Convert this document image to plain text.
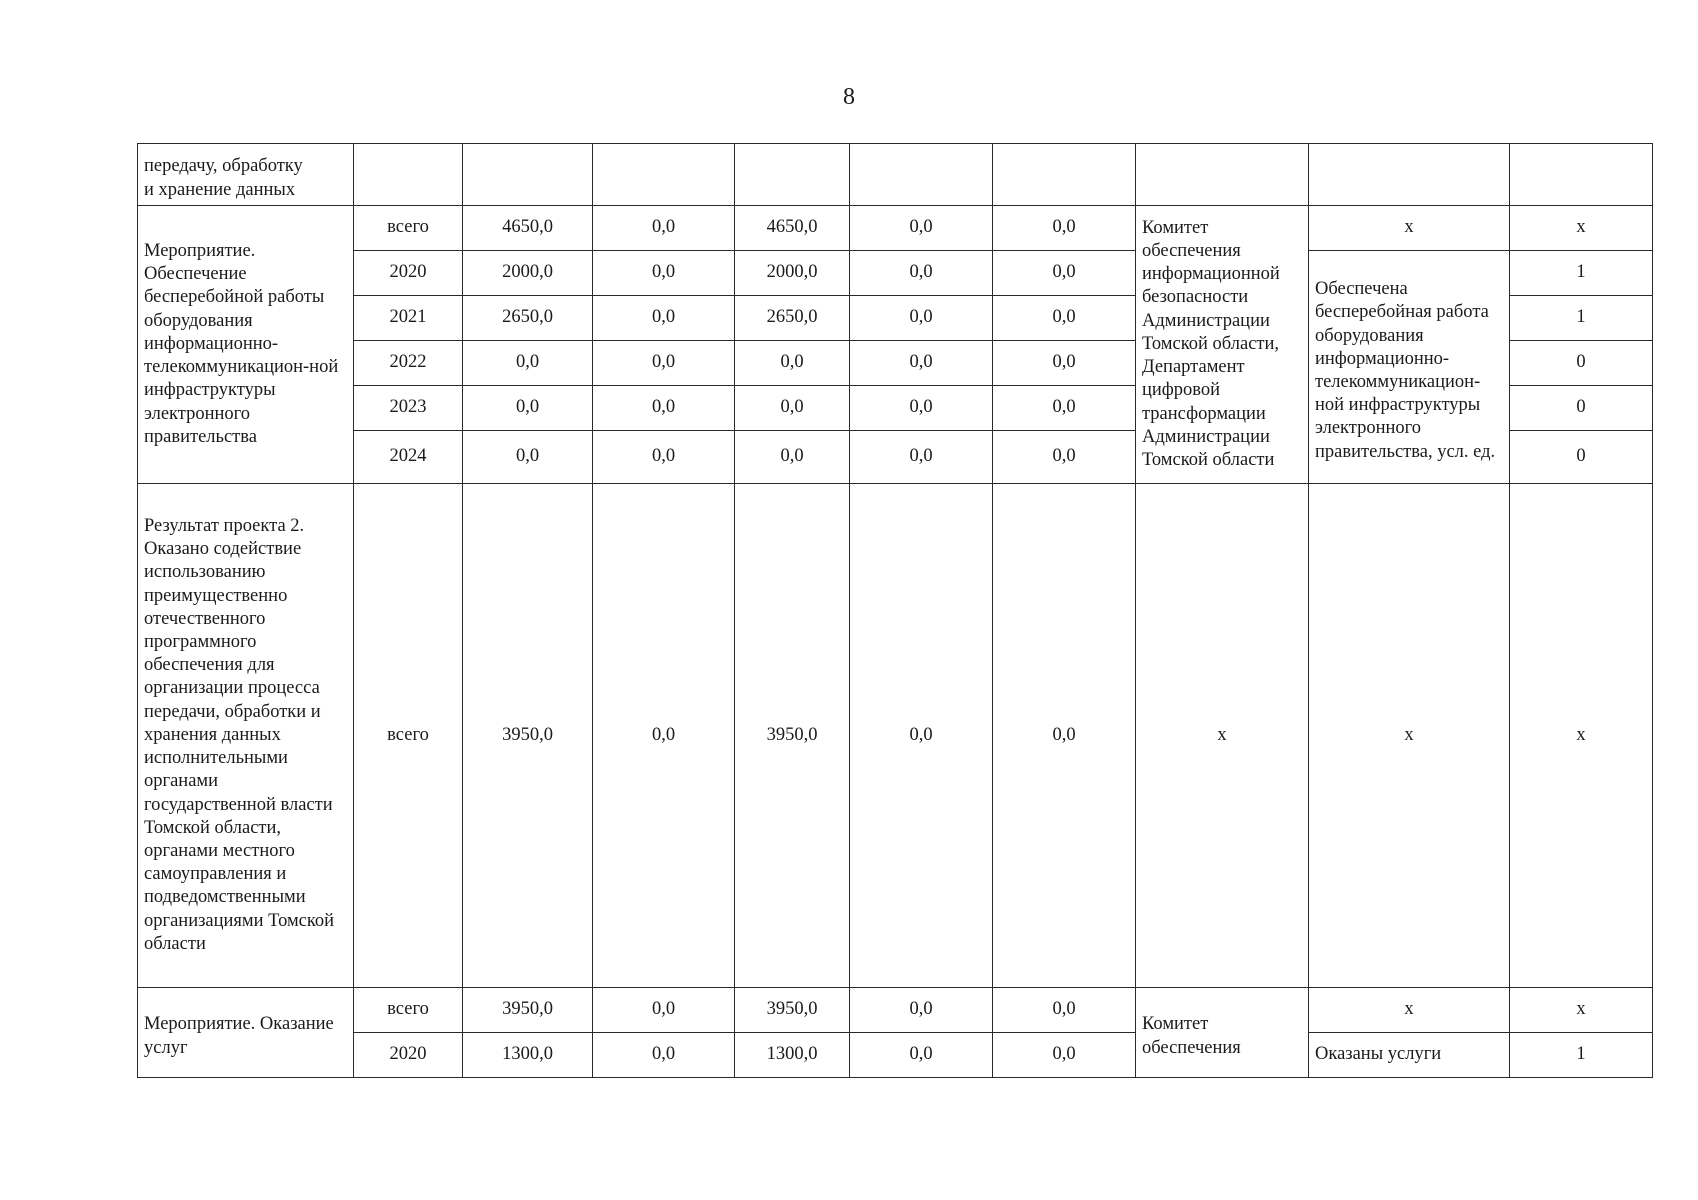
8
передачу, обработку
и хранение данных									
Мероприятие. Обеспечение бесперебойной работы оборудования информационно-телекоммуникацион-ной инфраструктуры электронного правительства	всего	4650,0	0,0	4650,0	0,0	0,0	Комитет обеспечения информационной безопасности Администрации Томской области, Департамент цифровой трансформации Администрации Томской области	x	x
	2020	2000,0	0,0	2000,0	0,0	0,0		Обеспечена бесперебойная работа оборудования информационно-телекоммуникацион-ной инфраструктуры электронного правительства, усл. ед.	1
	2021	2650,0	0,0	2650,0	0,0	0,0			1
	2022	0,0	0,0	0,0	0,0	0,0			0
	2023	0,0	0,0	0,0	0,0	0,0			0
	2024	0,0	0,0	0,0	0,0	0,0			0
Результат проекта 2. Оказано содействие использованию преимущественно отечественного программного обеспечения для организации процесса передачи, обработки и хранения данных исполнительными органами государственной власти Томской области, органами местного самоуправления и подведомственными организациями Томской области	всего	3950,0	0,0	3950,0	0,0	0,0	x	x	x
Мероприятие. Оказание услуг	всего	3950,0	0,0	3950,0	0,0	0,0	Комитет обеспечения	x	x
	2020	1300,0	0,0	1300,0	0,0	0,0		Оказаны услуги	1
